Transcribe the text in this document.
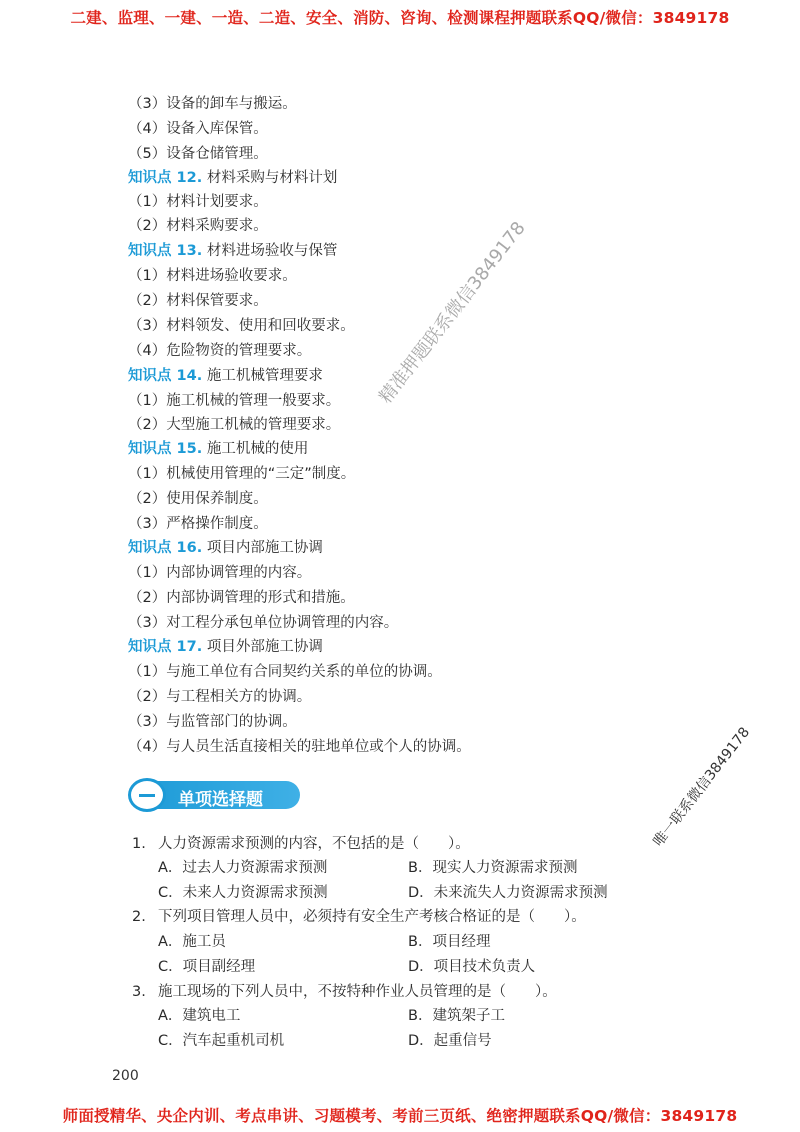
二建、监理、一建、一造、二造、安全、消防、咨询、检测课程押题联系QQ/微信：3849178
（3）设备的卸车与搬运。
（4）设备入库保管。
（5）设备仓储管理。
知识点 12. 材料采购与材料计划
（1）材料计划要求。
（2）材料采购要求。
知识点 13. 材料进场验收与保管
（1）材料进场验收要求。
（2）材料保管要求。
（3）材料领发、使用和回收要求。
（4）危险物资的管理要求。
知识点 14. 施工机械管理要求
（1）施工机械的管理一般要求。
（2）大型施工机械的管理要求。
知识点 15. 施工机械的使用
（1）机械使用管理的“三定”制度。
（2）使用保养制度。
（3）严格操作制度。
知识点 16. 项目内部施工协调
（1）内部协调管理的内容。
（2）内部协调管理的形式和措施。
（3）对工程分承包单位协调管理的内容。
知识点 17. 项目外部施工协调
（1）与施工单位有合同契约关系的单位的协调。
（2）与工程相关方的协调。
（3）与监管部门的协调。
（4）与人员生活直接相关的驻地单位或个人的协调。
单项选择题
1. 人力资源需求预测的内容，不包括的是（　　）。
A．过去人力资源需求预测	B．现实人力资源需求预测
C．未来人力资源需求预测	D．未来流失人力资源需求预测
2. 下列项目管理人员中，必须持有安全生产考核合格证的是（　　）。
A．施工员	B．项目经理
C．项目副经理	D．项目技术负责人
3. 施工现场的下列人员中，不按特种作业人员管理的是（　　）。
A．建筑电工	B．建筑架子工
C．汽车起重机司机	D．起重信号
200
精准押题联系微信3849178
唯一联系微信3849178
师面授精华、央企内训、考点串讲、习题模考、考前三页纸、绝密押题联系QQ/微信：3849178
